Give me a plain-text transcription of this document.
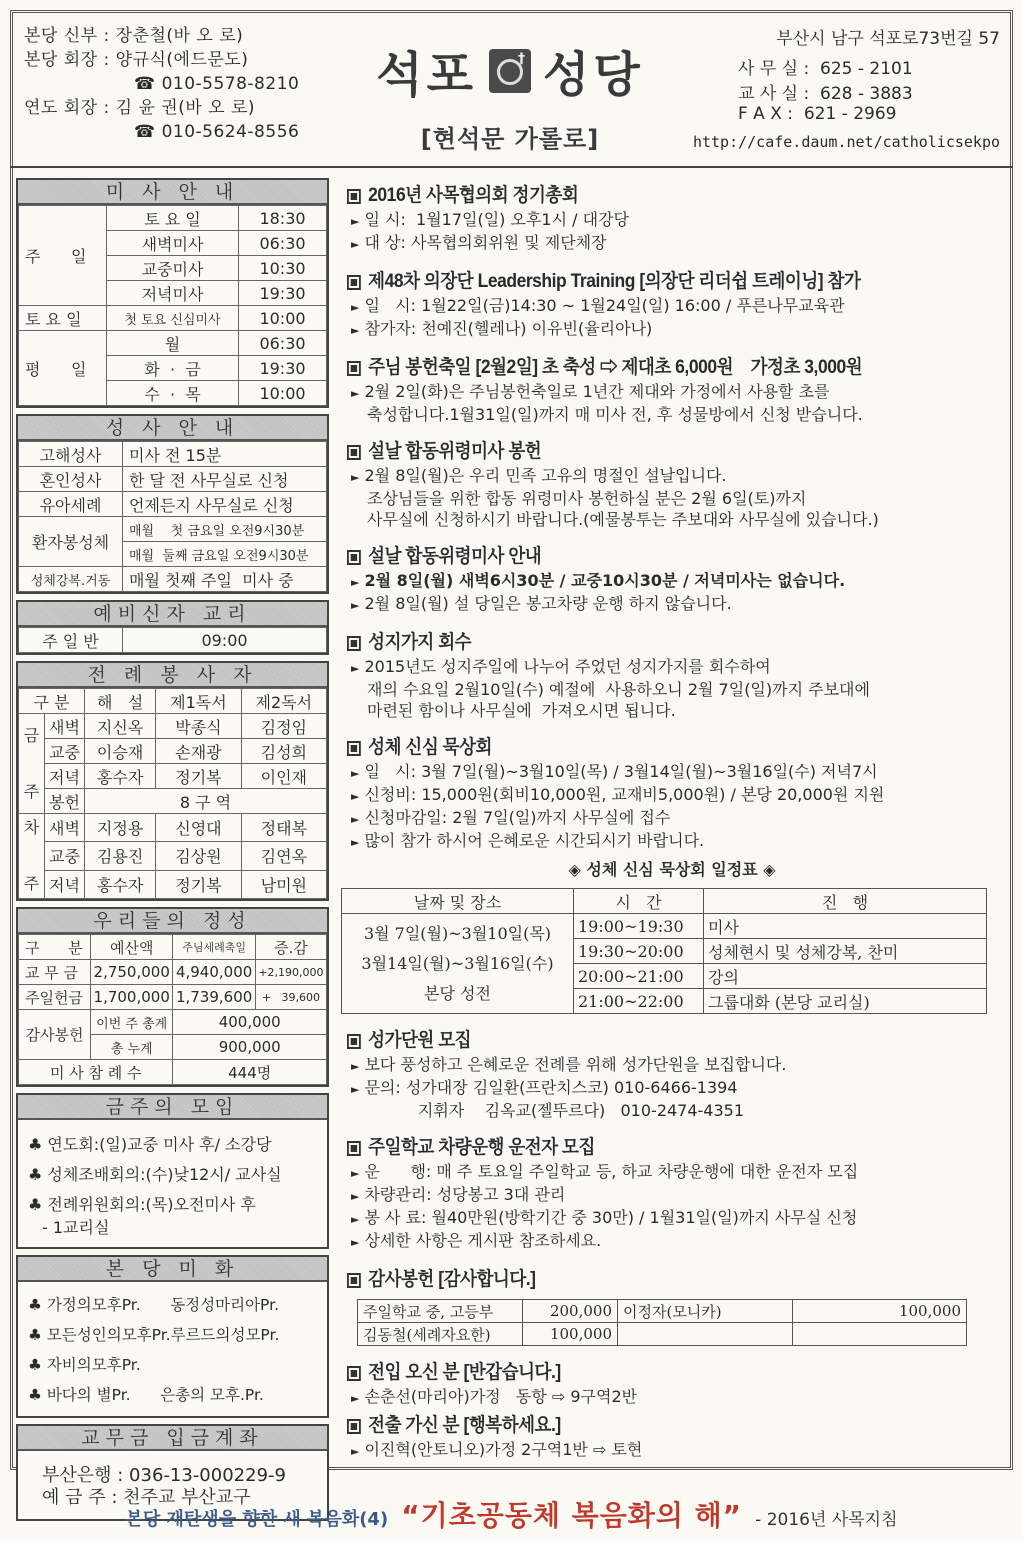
본당 신부 : 장춘철(바 오 로)
본당 회장 : 양규식(에드문도)
☎ 010-5578-8210
연도 회장 : 김 윤 권(바 오 로)
☎ 010-5624-8556
석포	† 성당
[현석문 가롤로]
부산시 남구 석포로73번길 57
사 무 실 :  625 - 2101
교 사 실 :  628 - 3883
F A X :  621 - 2969
http://cafe.daum.net/catholicsekpo
미 사 안 내
주      일	토 요 일	18:30
	새벽미사	06:30
	교중미사	10:30
	저녁미사	19:30
토 요 일	첫 토요 신심미사	10:00
평      일	월	06:30
	화  ·  금	19:30
	수  ·  목	10:00
성 사 안 내
고해성사	미사 전 15분
혼인성사	한 달 전 사무실로 신청
유아세례	언제든지 사무실로 신청
환자봉성체	매월    첫 금요일 오전9시30분
	매월  둘째 금요일 오전9시30분
성체강복.거동	매월 첫째 주일  미사 중
예비신자 교리
주 일 반	09:00
전 례 봉 사 자
구 분		해   설	제1독서	제2독서
금

주	새벽	지신옥	박종식	김정임
	교중	이승재	손재광	김성희
	저녁	홍수자	정기복	이인재
	봉헌	8 구 역		
차

주	새벽	지정용	신영대	정태복
	교중	김용진	김상원	김연옥
	저녁	홍수자	정기복	남미원
우리들의 정성
구      분	예산액	주님세례축일	증.감
교 무 금	2,750,000	4,940,000	+2,190,000
주일헌금	1,700,000	1,739,600	+   39,600
감사봉헌	이번 주 총계	400,000	
	총 누계	900,000	
미 사 참 례 수		444명	
금주의 모임
♣ 연도회:(일)교중 미사 후/ 소강당
♣ 성체조배회의:(수)낮12시/ 교사실
♣ 전례위원회의:(목)오전미사 후
- 1교리실
본 당 미 화
♣ 가정의모후Pr.      동정성마리아Pr.
♣ 모든성인의모후Pr.루르드의성모Pr.
♣ 자비의모후Pr.
♣ 바다의 별Pr.      은총의 모후.Pr.
교무금 입금계좌
부산은행 : 036-13-000229-9
예 금 주 : 천주교 부산교구
2016년 사목협의회 정기총회
► 일 시:  1월17일(일) 오후1시 / 대강당
► 대 상: 사목협의회위원 및 제단체장
제48차 의장단 Leadership Training [의장단 리더쉽 트레이닝] 참가
► 일   시: 1월22일(금)14:30 ~ 1월24일(일) 16:00 / 푸른나무교육관
► 참가자: 천예진(헬레나) 이유빈(율리아나)
주님 봉헌축일 [2월2일] 초 축성 ⇨ 제대초 6,000원    가정초 3,000원
► 2월 2일(화)은 주님봉헌축일로 1년간 제대와 가정에서 사용할 초를
축성합니다.1월31일(일)까지 매 미사 전, 후 성물방에서 신청 받습니다.
설날 합동위령미사 봉헌
► 2월 8일(월)은 우리 민족 고유의 명절인 설날입니다.
조상님들을 위한 합동 위령미사 봉헌하실 분은 2월 6일(토)까지
사무실에 신청하시기 바랍니다.(예물봉투는 주보대와 사무실에 있습니다.)
설날 합동위령미사 안내
► 2월 8일(월) 새벽6시30분 / 교중10시30분 / 저녁미사는 없습니다.
► 2월 8일(월) 설 당일은 봉고차량 운행 하지 않습니다.
성지가지 회수
► 2015년도 성지주일에 나누어 주었던 성지가지를 회수하여
재의 수요일 2월10일(수) 예절에  사용하오니 2월 7일(일)까지 주보대에
마련된 함이나 사무실에  가져오시면 됩니다.
성체 신심 묵상회
► 일   시: 3월 7일(월)~3월10일(목) / 3월14일(월)~3월16일(수) 저녁7시
► 신청비: 15,000원(회비10,000원, 교재비5,000원) / 본당 20,000원 지원
► 신청마감일: 2월 7일(일)까지 사무실에 접수
► 많이 참가 하시어 은혜로운 시간되시기 바랍니다.
◈ 성체 신심 묵상회 일정표 ◈
날짜 및 장소	시   간	진   행

3월 7일(월)~3월10일(목)
3월14일(월)~3월16일(수)
본당 성전	19:00~19:30	미사
	19:30~20:00	성체현시 및 성체강복, 찬미
	20:00~21:00	강의
	21:00~22:00	그룹대화 (본당 교리실)
성가단원 모집
► 보다 풍성하고 은혜로운 전례를 위해 성가단원을 보집합니다.
► 문의: 성가대장 김일환(프란치스코) 010-6466-1394
지휘자    김옥교(젤뚜르다)   010-2474-4351
주일학교 차량운행 운전자 모집
► 운      행: 매 주 토요일 주일학교 등, 하교 차량운행에 대한 운전자 모집
► 차량관리: 성당봉고 3대 관리
► 봉 사 료: 월40만원(방학기간 중 30만) / 1월31일(일)까지 사무실 신청
► 상세한 사항은 게시판 참조하세요.
감사봉헌 [감사합니다.]
주일학교 중, 고등부	200,000	이정자(모니카)	100,000
김동철(세례자요한)	100,000		
전입 오신 분 [반갑습니다.]
► 손춘선(마리아)가정   동항 ⇨ 9구역2반
전출 가신 분 [행복하세요.]
► 이진혁(안토니오)가정 2구역1반 ⇨ 토현
본당 재탄생을 향한 새 복음화(4) “기초공동체 복음화의 해” - 2016년 사목지침
